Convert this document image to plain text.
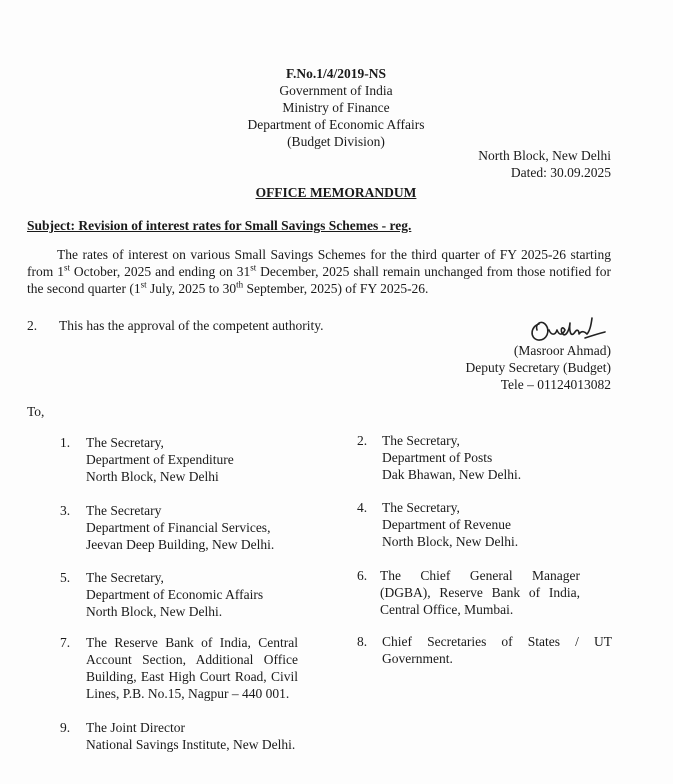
F.No.1/4/2019-NS
Government of India
Ministry of Finance
Department of Economic Affairs
(Budget Division)
North Block, New Delhi
Dated: 30.09.2025
OFFICE MEMORANDUM
Subject: Revision of interest rates for Small Savings Schemes - reg.
The rates of interest on various Small Savings Schemes for the third quarter of FY 2025-26 starting from 1st October, 2025 and ending on 31st December, 2025 shall remain unchanged from those notified for the second quarter (1st July, 2025 to 30th September, 2025) of FY 2025-26.
2. This has the approval of the competent authority.
(Masroor Ahmad)
Deputy Secretary (Budget)
Tele – 01124013082
To,
1. The Secretary,
Department of Expenditure
North Block, New Delhi
3. The Secretary
Department of Financial Services,
Jeevan Deep Building, New Delhi.
5. The Secretary,
Department of Economic Affairs
North Block, New Delhi.
7. The Reserve Bank of India, Central Account Section, Additional Office Building, East High Court Road, Civil Lines, P.B. No.15, Nagpur – 440 001.
9. The Joint Director
National Savings Institute, New Delhi.
2. The Secretary,
Department of Posts
Dak Bhawan, New Delhi.
4. The Secretary,
Department of Revenue
North Block, New Delhi.
6. The Chief General Manager (DGBA), Reserve Bank of India, Central Office, Mumbai.
8. Chief Secretaries of States / UT Government.
